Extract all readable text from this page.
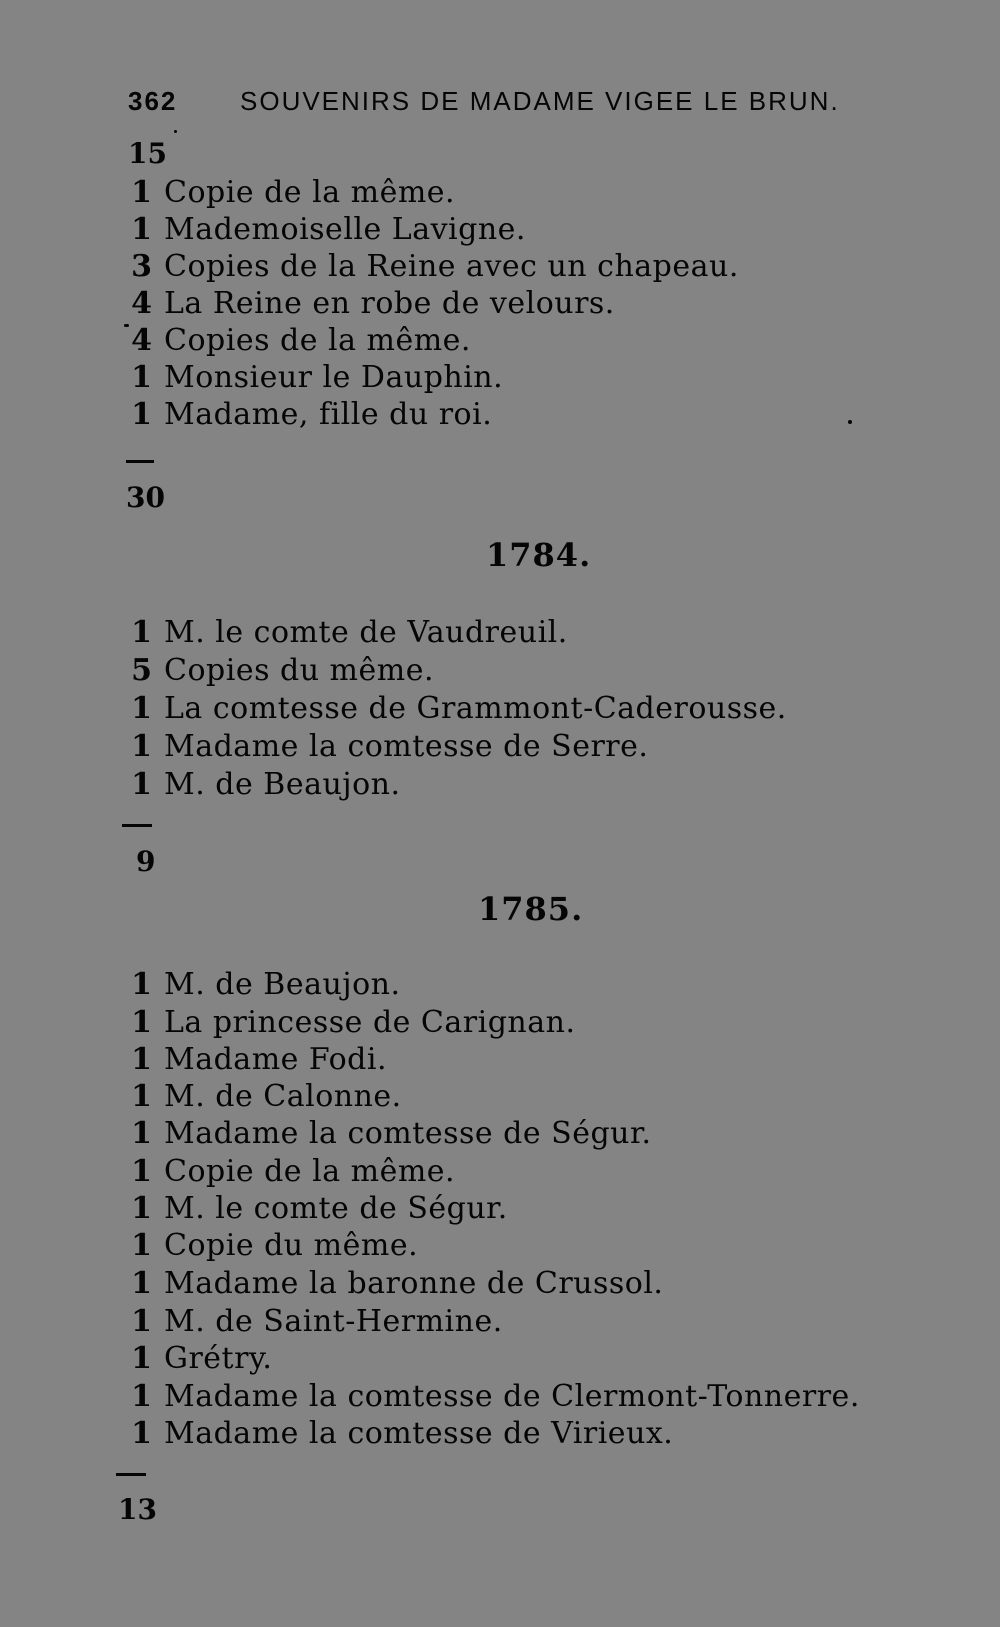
362 SOUVENIRS DE MADAME VIGEE LE BRUN.
15
1 Copie de la même.
1 Mademoiselle Lavigne.
3 Copies de la Reine avec un chapeau.
4 La Reine en robe de velours.
4 Copies de la même.
1 Monsieur le Dauphin.
1 Madame, fille du roi.
30
1784.
1 M. le comte de Vaudreuil.
5 Copies du même.
1 La comtesse de Grammont-Caderousse.
1 Madame la comtesse de Serre.
1 M. de Beaujon.
9
1785.
1 M. de Beaujon.
1 La princesse de Carignan.
1 Madame Fodi.
1 M. de Calonne.
1 Madame la comtesse de Ségur.
1 Copie de la même.
1 M. le comte de Ségur.
1 Copie du même.
1 Madame la baronne de Crussol.
1 M. de Saint-Hermine.
1 Grétry.
1 Madame la comtesse de Clermont-Tonnerre.
1 Madame la comtesse de Virieux.
13
